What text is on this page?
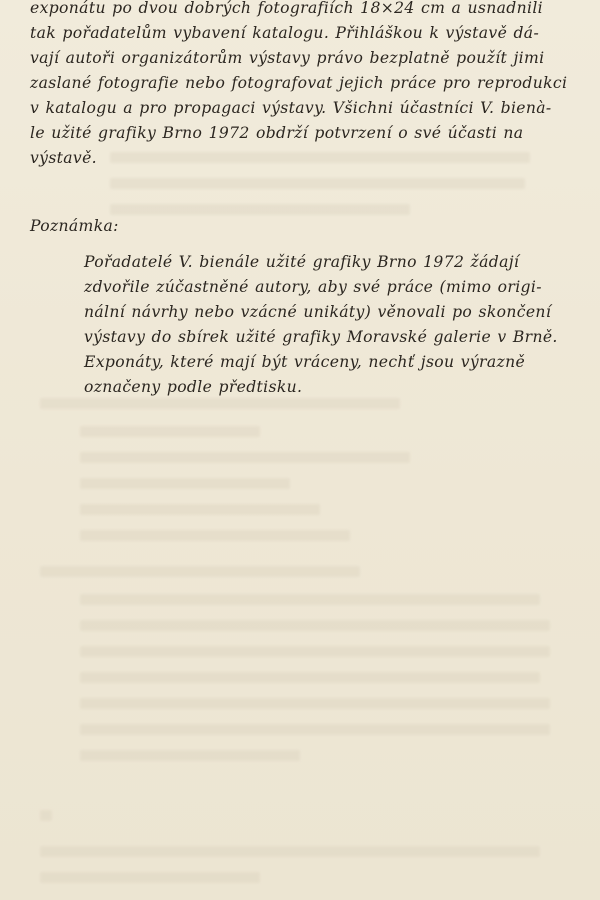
exponátu po dvou dobrých fotografiích 18×24 cm a usnadnili
tak pořadatelům vybavení katalogu. Přihláškou k výstavě dá-
vají autoři organizátorům výstavy právo bezplatně použít jimi
zaslané fotografie nebo fotografovat jejich práce pro reprodukci
v katalogu a pro propagaci výstavy. Všichni účastníci V. bienà-
le užité grafiky Brno 1972 obdrží potvrzení o své účasti na
výstavě.

Poznámka:

Pořadatelé V. bienále užité grafiky Brno 1972 žádají
zdvořile zúčastněné autory, aby své práce (mimo origi-
nální návrhy nebo vzácné unikáty) věnovali po skončení
výstavy do sbírek užité grafiky Moravské galerie v Brně.
Exponáty, které mají být vráceny, nechť jsou výrazně
označeny podle předtisku.
